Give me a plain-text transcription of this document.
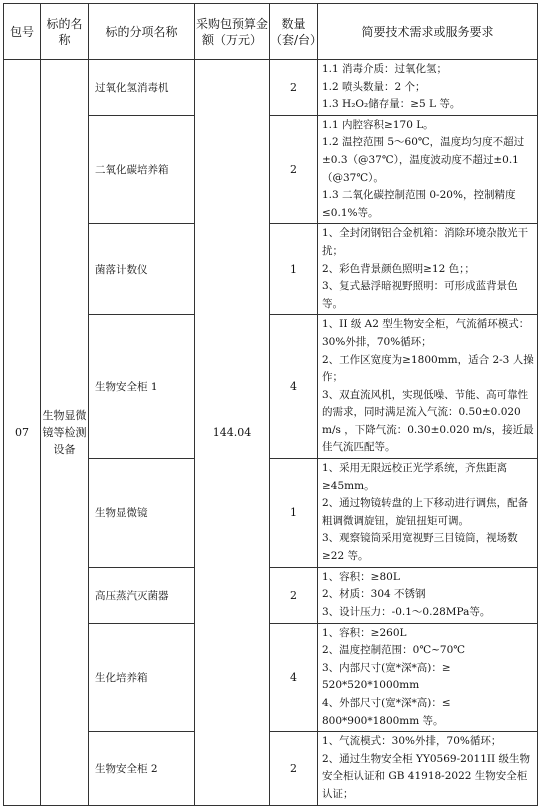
包号	标的名称	标的分项名称	采购包预算金额（万元）	数量（套/台）	简要技术需求或服务要求
07	生物显微镜等检测设备	过氧化氢消毒机	144.04	2	1.1 消毒介质：过氧化氢；
1.2 喷头数量：2 个；
1.3 H₂O₂储存量：≥5 L 等。

		二氧化碳培养箱		2	1.1 内腔容积≥170 L。
1.2 温控范围 5～60℃，温度均匀度不超过±0.3（@37℃），温度波动度不超过±0.1（@37℃）。
1.3 二氧化碳控制范围 0-20%，控制精度≤0.1%等。

		菌落计数仪		1	1、全封闭钢铝合金机箱：消除环境杂散光干扰；
2、彩色背景颜色照明≥12 色；；
3、复式悬浮暗视野照明：可形成蓝背景色等。

		生物安全柜 1		4	1、II 级 A2 型生物安全柜，气流循环模式：30%外排，70%循环；
2、工作区宽度为≥1800mm，适合 2-3 人操作；
3、双直流风机，实现低噪、节能、高可靠性的需求，同时满足流入气流：0.50±0.020 m/s ，下降气流：0.30±0.020 m/s，接近最佳气流匹配等。

		生物显微镜		1	1、采用无限远校正光学系统，齐焦距离≥45mm。
2、通过物镜转盘的上下移动进行调焦，配备粗调微调旋钮，旋钮扭矩可调。
3、观察镜筒采用宽视野三目镜筒，视场数≥22 等。

		高压蒸汽灭菌器		2	1、容积：≥80L
2、材质：304 不锈钢
3、设计压力：-0.1～0.28MPa等。

		生化培养箱		4	1、容积：≥260L
2、温度控制范围：0℃~70℃
3、内部尺寸(宽*深*高)：≥ 520*520*1000mm
4、外部尺寸(宽*深*高)：≤ 800*900*1800mm 等。

		生物安全柜 2		2	1、气流模式：30%外排，70%循环；
2、通过生物安全柜 YY0569-2011II 级生物安全柜认证和 GB 41918-2022 生物安全柜认证；
